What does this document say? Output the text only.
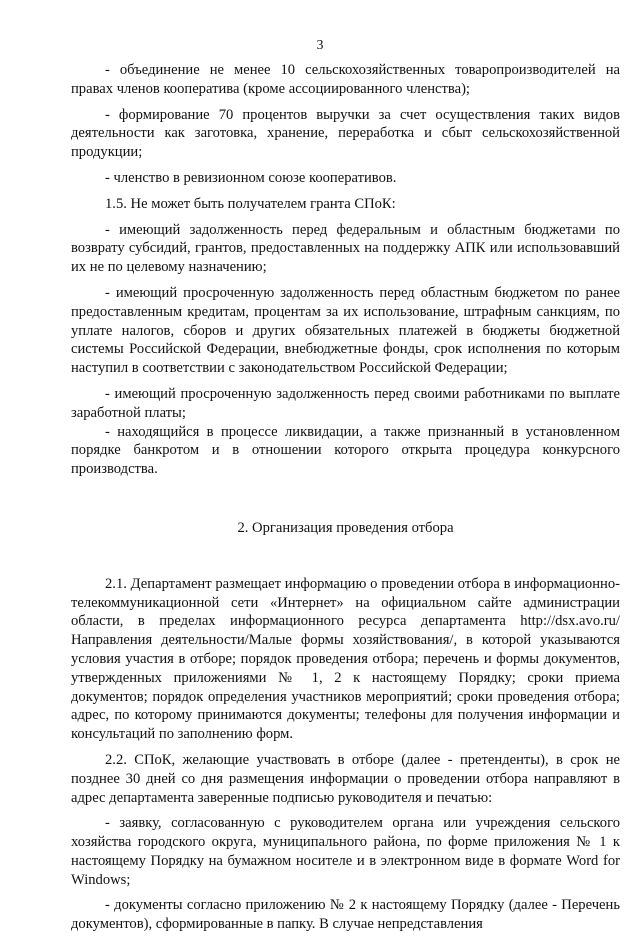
3

- объединение не менее 10 сельскохозяйственных товаропроизводителей на правах членов кооператива (кроме ассоциированного членства);

- формирование 70 процентов выручки за счет осуществления таких видов деятельности как заготовка, хранение, переработка и сбыт сельскохозяйственной продукции;

- членство в ревизионном союзе кооперативов.

1.5. Не может быть получателем гранта СПоК:

- имеющий задолженность перед федеральным и областным бюджетами по возврату субсидий, грантов, предоставленных на поддержку АПК или использовавший их не по целевому назначению;

- имеющий просроченную задолженность перед областным бюджетом по ранее предоставленным кредитам, процентам за их использование, штрафным санкциям, по уплате налогов, сборов и других обязательных платежей в бюджеты бюджетной системы Российской Федерации, внебюджетные фонды, срок исполнения по которым наступил в соответствии с законодательством Российской Федерации;

- имеющий просроченную задолженность перед своими работниками по выплате заработной платы;

- находящийся в процессе ликвидации, а также признанный в установленном порядке банкротом и в отношении которого открыта процедура конкурсного производства.

2. Организация проведения отбора

2.1. Департамент размещает информацию о проведении отбора в информационно-телекоммуникационной сети «Интернет» на официальном сайте администрации области, в пределах информационного ресурса департамента http://dsx.avo.ru/Направления деятельности/Малые формы хозяйствования/, в которой указываются условия участия в отборе; порядок проведения отбора; перечень и формы документов, утвержденных приложениями № 1, 2 к настоящему Порядку; сроки приема документов; порядок определения участников мероприятий; сроки проведения отбора; адрес, по которому принимаются документы; телефоны для получения информации и консультаций по заполнению форм.

2.2. СПоК, желающие участвовать в отборе (далее - претенденты), в срок не позднее 30 дней со дня размещения информации о проведении отбора направляют в адрес департамента заверенные подписью руководителя и печатью:

- заявку, согласованную с руководителем органа или учреждения сельского хозяйства городского округа, муниципального района, по форме приложения № 1 к настоящему Порядку на бумажном носителе и в электронном виде в формате Word for Windows;

- документы согласно приложению № 2 к настоящему Порядку (далее - Перечень документов), сформированные в папку. В случае непредставления
